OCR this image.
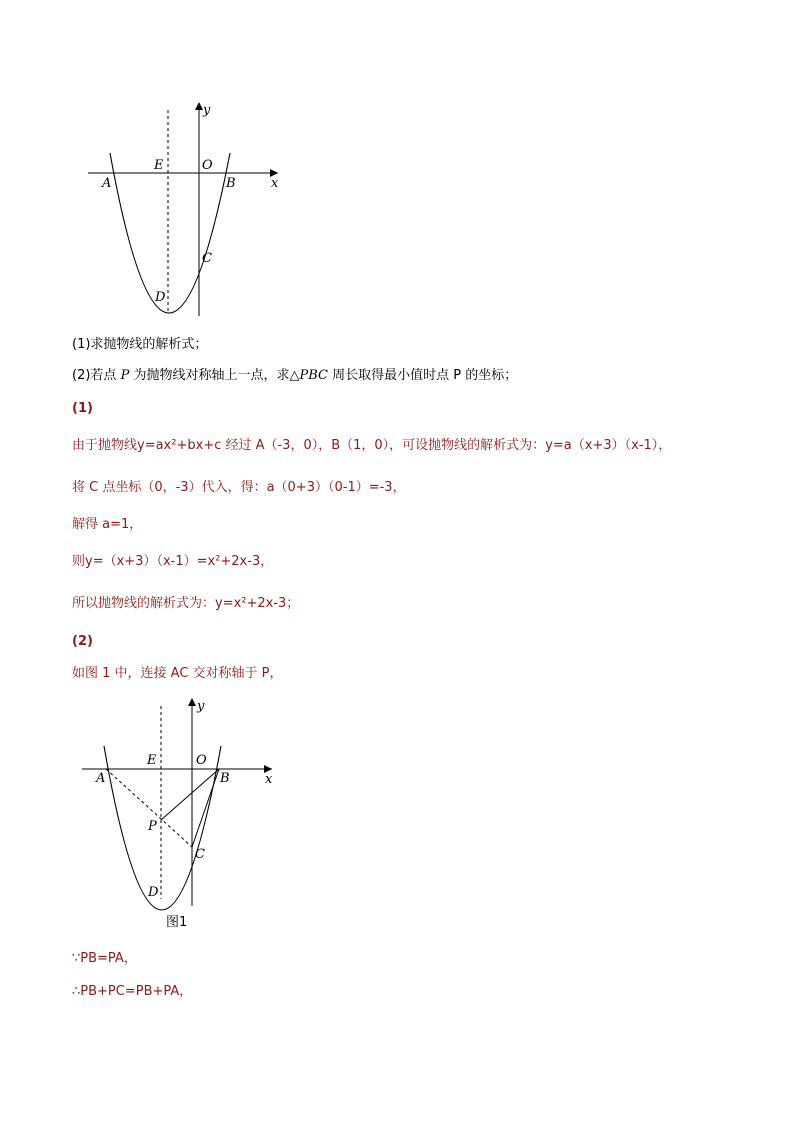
y
x
E	O
A	B
C
D
(1)求抛物线的解析式；
(2)若点 P 为抛物线对称轴上一点，求△PBC 周长取得最小值时点 P 的坐标；
(1)
由于抛物线y=ax²+bx+c 经过 A（-3，0），B（1，0），可设抛物线的解析式为：y=a（x+3）（x-1），
将 C 点坐标（0，-3）代入，得：a（0+3）（0-1）=-3，
解得 a=1，
则y=（x+3）（x-1）=x²+2x-3，
所以抛物线的解析式为：y=x²+2x-3；
(2)
如图 1 中，连接 AC 交对称轴于 P，
y
x
E	O
A	B
P
C
D
图1
∵PB=PA，
∴PB+PC=PB+PA，
